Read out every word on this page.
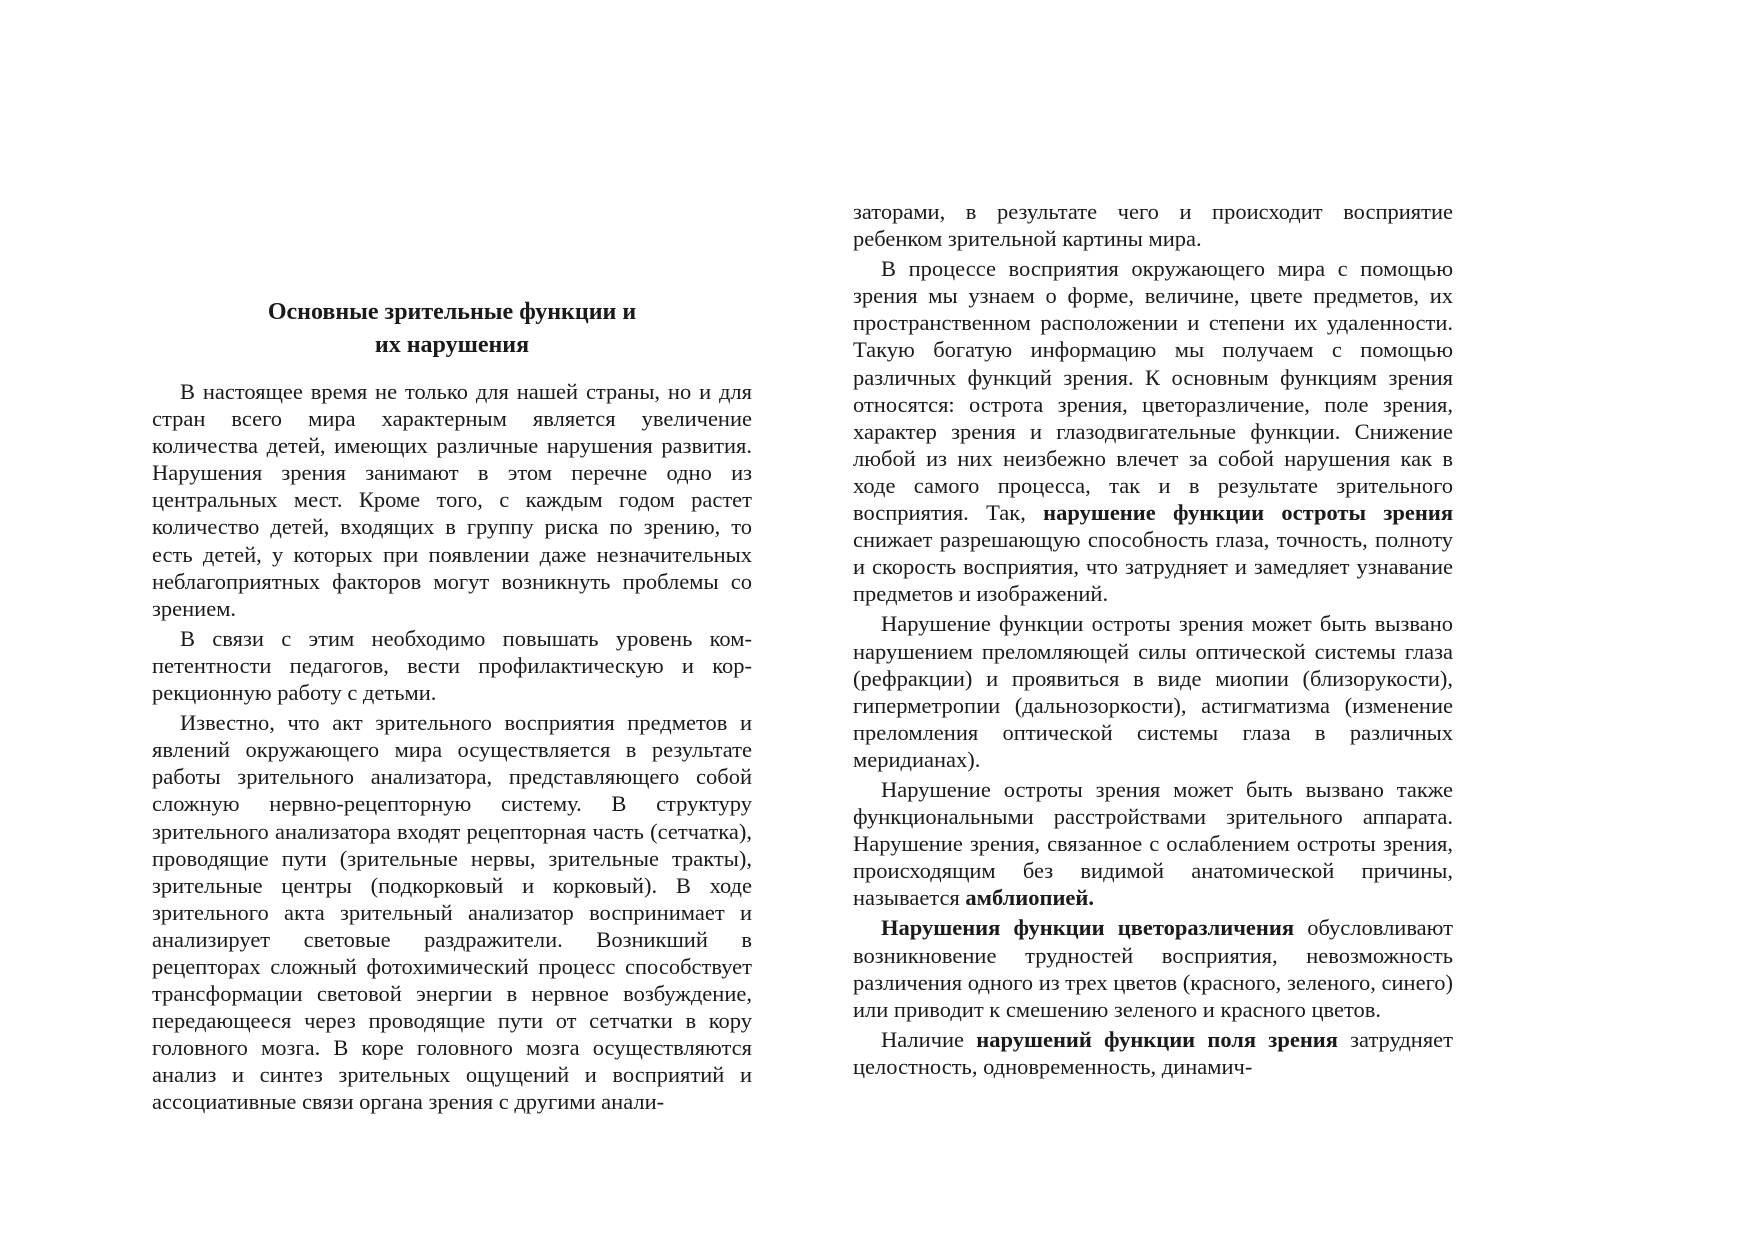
Основные зрительные функции и
их нарушения

В настоящее время не только для нашей страны, но и для стран всего мира характерным является увеличение количества детей, имеющих различные нарушения развития. Нарушения зрения занимают в этом перечне одно из центральных мест. Кроме того, с каждым годом растет количество детей, входящих в группу риска по зрению, то есть детей, у которых при появлении даже незначительных неблагоприятных факторов могут возникнуть проблемы со зрением.

В связи с этим необходимо повышать уровень компетентности педагогов, вести профилактическую и коррекционную работу с детьми.

Известно, что акт зрительного восприятия предметов и явлений окружающего мира осуществляется в результате работы зрительного анализатора, представляющего собой сложную нервно-рецепторную систему. В структуру зрительного анализатора входят рецепторная часть (сетчатка), проводящие пути (зрительные нервы, зрительные тракты), зрительные центры (подкорковый и корковый). В ходе зрительного акта зрительный анализатор воспринимает и анализирует световые раздражители. Возникший в рецепторах сложный фотохимический процесс способствует трансформации световой энергии в нервное возбуждение, передающееся через проводящие пути от сетчатки в кору головного мозга. В коре головного мозга осуществляются анализ и синтез зрительных ощущений и восприятий и ассоциативные связи органа зрения с другими анали-

заторами, в результате чего и происходит восприятие ребенком зрительной картины мира.

В процессе восприятия окружающего мира с помощью зрения мы узнаем о форме, величине, цвете предметов, их пространственном расположении и степени их удаленности. Такую богатую информацию мы получаем с помощью различных функций зрения. К основным функциям зрения относятся: острота зрения, цветоразличение, поле зрения, характер зрения и глазодвигательные функции. Снижение любой из них неизбежно влечет за собой нарушения как в ходе самого процесса, так и в результате зрительного восприятия. Так, нарушение функции остроты зрения снижает разрешающую способность глаза, точность, полноту и скорость восприятия, что затрудняет и замедляет узнавание предметов и изображений.

Нарушение функции остроты зрения может быть вызвано нарушением преломляющей силы оптической системы глаза (рефракции) и проявиться в виде миопии (близорукости), гиперметропии (дальнозоркости), астигматизма (изменение преломления оптической системы глаза в различных меридианах).

Нарушение остроты зрения может быть вызвано также функциональными расстройствами зрительного аппарата. Нарушение зрения, связанное с ослаблением остроты зрения, происходящим без видимой анатомической причины, называется амблиопией.

Нарушения функции цветоразличения обусловливают возникновение трудностей восприятия, невозможность различения одного из трех цветов (красного, зеленого, синего) или приводит к смешению зеленого и красного цветов.

Наличие нарушений функции поля зрения затрудняет целостность, одновременность, динамич-
